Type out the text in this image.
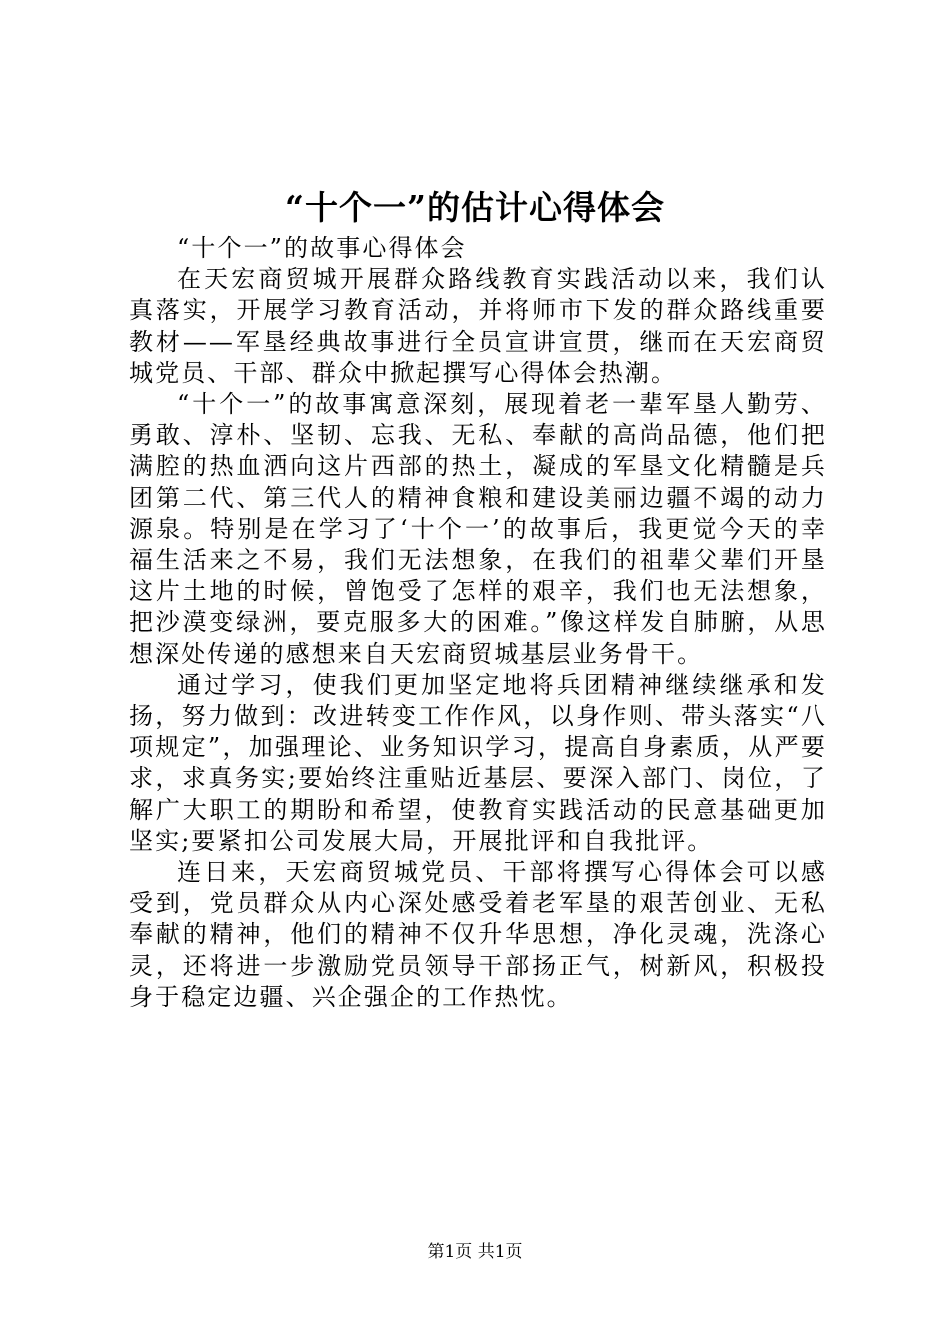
“十个一”的估计心得体会

“十个一”的故事心得体会

在天宏商贸城开展群众路线教育实践活动以来，我们认真落实，开展学习教育活动，并将师市下发的群众路线重要教材——军垦经典故事进行全员宣讲宣贯，继而在天宏商贸城党员、干部、群众中掀起撰写心得体会热潮。

“十个一”的故事寓意深刻，展现着老一辈军垦人勤劳、勇敢、淳朴、坚韧、忘我、无私、奉献的高尚品德，他们把满腔的热血洒向这片西部的热土，凝成的军垦文化精髓是兵团第二代、第三代人的精神食粮和建设美丽边疆不竭的动力源泉。特别是在学习了‘十个一’的故事后，我更觉今天的幸福生活来之不易，我们无法想象，在我们的祖辈父辈们开垦这片土地的时候，曾饱受了怎样的艰辛，我们也无法想象，把沙漠变绿洲，要克服多大的困难。”像这样发自肺腑，从思想深处传递的感想来自天宏商贸城基层业务骨干。

通过学习，使我们更加坚定地将兵团精神继续继承和发扬，努力做到：改进转变工作作风，以身作则、带头落实“八项规定”，加强理论、业务知识学习，提高自身素质，从严要求，求真务实;要始终注重贴近基层、要深入部门、岗位，了解广大职工的期盼和希望，使教育实践活动的民意基础更加坚实;要紧扣公司发展大局，开展批评和自我批评。

连日来，天宏商贸城党员、干部将撰写心得体会可以感受到，党员群众从内心深处感受着老军垦的艰苦创业、无私奉献的精神，他们的精神不仅升华思想，净化灵魂，洗涤心灵，还将进一步激励党员领导干部扬正气，树新风，积极投身于稳定边疆、兴企强企的工作热忱。

第1页 共1页
